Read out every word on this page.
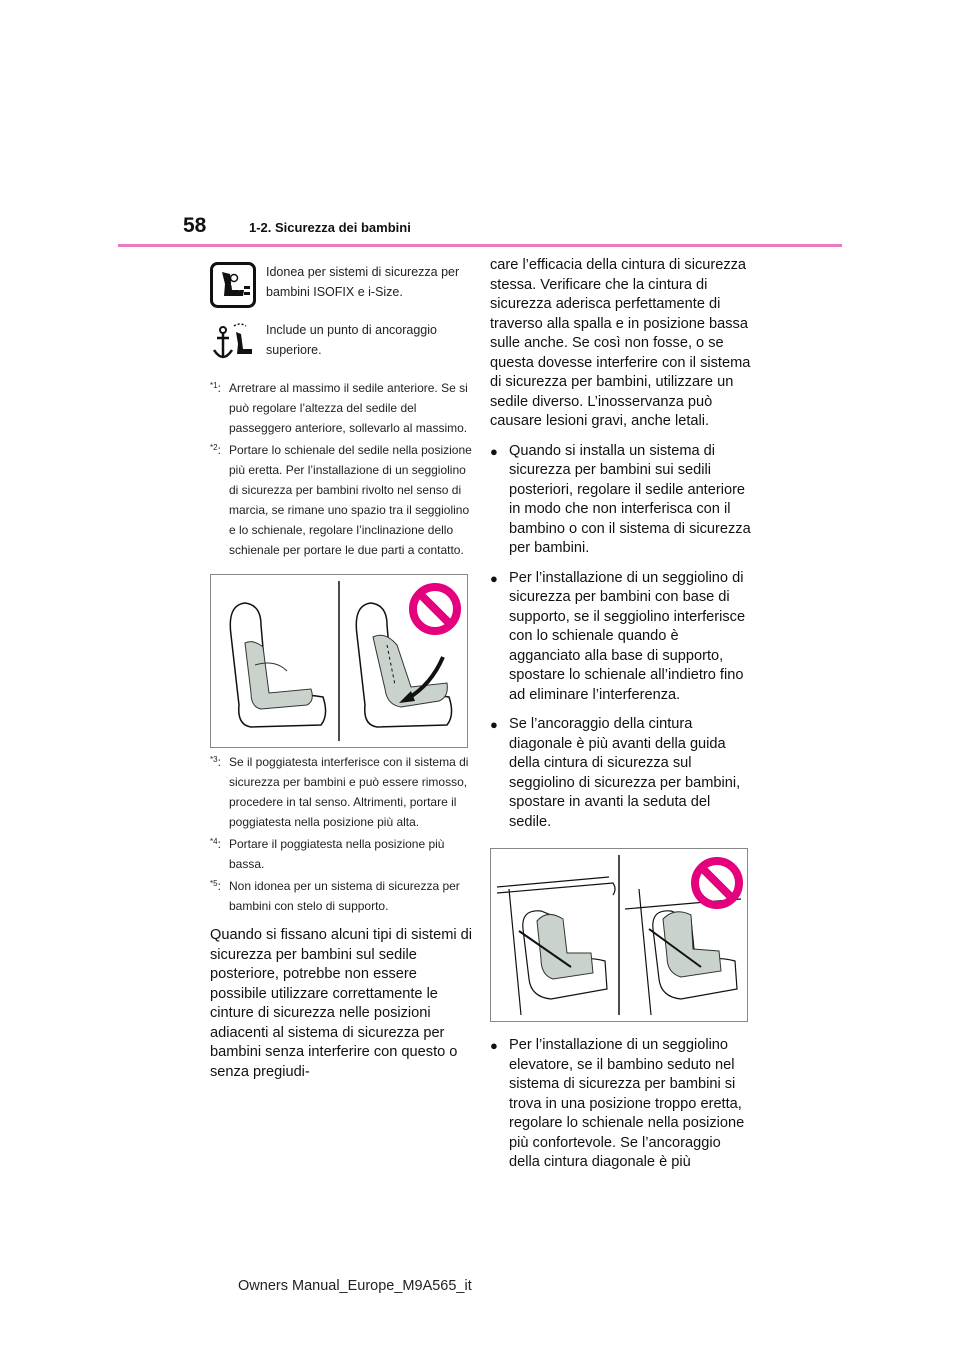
58	1-2. Sicurezza dei bambini
Idonea per sistemi di sicurezza per bambini ISOFIX e i-Size.
Include un punto di ancoraggio superiore.
$^{*1}$: Arretrare al massimo il sedile anteriore. Se si può regolare l’altezza del sedile del passeggero anteriore, sollevarlo al massimo.
$^{*2}$: Portare lo schienale del sedile nella posizione più eretta. Per l’installazione di un seggiolino di sicurezza per bambini rivolto nel senso di marcia, se rimane uno spazio tra il seggiolino e lo schienale, regolare l’inclinazione dello schienale per portare le due parti a contatto.
$^{*3}$: Se il poggiatesta interferisce con il sistema di sicurezza per bambini e può essere rimosso, procedere in tal senso. Altrimenti, portare il poggiatesta nella posizione più alta.
$^{*4}$: Portare il poggiatesta nella posizione più bassa.
$^{*5}$: Non idonea per un sistema di sicurezza per bambini con stelo di supporto.

Quando si fissano alcuni tipi di sistemi di sicurezza per bambini sul sedile posteriore, potrebbe non essere possibile utilizzare correttamente le cinture di sicurezza nelle posizioni adiacenti al sistema di sicurezza per bambini senza interferire con questo o senza pregiudi-

care l’efficacia della cintura di sicurezza stessa. Verificare che la cintura di sicurezza aderisca perfettamente di traverso alla spalla e in posizione bassa sulle anche. Se così non fosse, o se questa dovesse interferire con il sistema di sicurezza per bambini, utilizzare un sedile diverso. L’inosservanza può causare lesioni gravi, anche letali.

● Quando si installa un sistema di sicurezza per bambini sui sedili posteriori, regolare il sedile anteriore in modo che non interferisca con il bambino o con il sistema di sicurezza per bambini.
● Per l’installazione di un seggiolino di sicurezza per bambini con base di supporto, se il seggiolino interferisce con lo schienale quando è agganciato alla base di supporto, spostare lo schienale all’indietro fino ad eliminare l’interferenza.
● Se l’ancoraggio della cintura diagonale è più avanti della guida della cintura di sicurezza sul seggiolino di sicurezza per bambini, spostare in avanti la seduta del sedile.
● Per l’installazione di un seggiolino elevatore, se il bambino seduto nel sistema di sicurezza per bambini si trova in una posizione troppo eretta, regolare lo schienale nella posizione più confortevole. Se l’ancoraggio della cintura diagonale è più
Owners Manual_Europe_M9A565_it
